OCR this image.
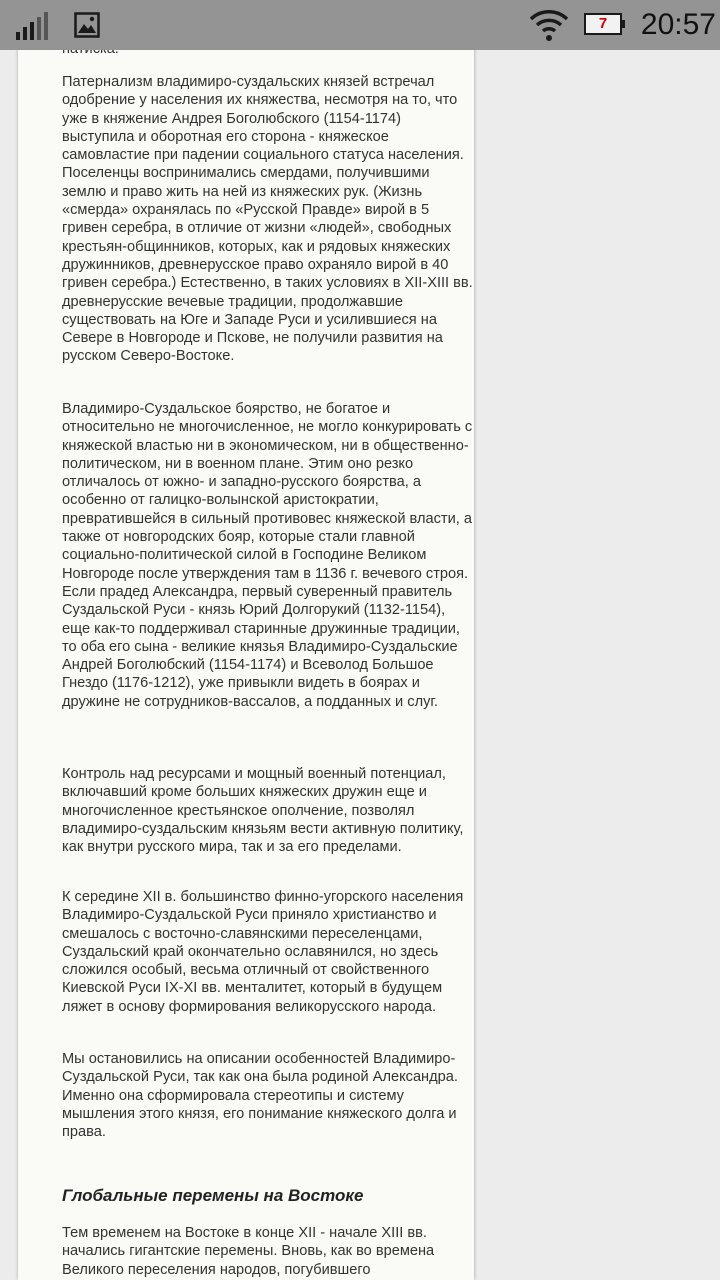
7	20:57

Патернализм владимиро-суздальских князей встречал одобрение у населения их княжества, несмотря на то, что уже в княжение Андрея Боголюбского (1154-1174) выступила и оборотная его сторона - княжеское самовластие при падении социального статуса населения. Поселенцы воспринимались смердами, получившими землю и право жить на ней из княжеских рук. (Жизнь «смерда» охранялась по «Русской Правде» вирой в 5 гривен серебра, в отличие от жизни «людей», свободных крестьян-общинников, которых, как и рядовых княжеских дружинников, древнерусское право охраняло вирой в 40 гривен серебра.) Естественно, в таких условиях в XII-XIII вв. древнерусские вечевые традиции, продолжавшие существовать на Юге и Западе Руси и усилившиеся на Севере в Новгороде и Пскове, не получили развития на русском Северо-Востоке.

Владимиро-Суздальское боярство, не богатое и относительно не многочисленное, не могло конкурировать с княжеской властью ни в экономическом, ни в общественно-политическом, ни в военном плане. Этим оно резко отличалось от южно- и западно-русского боярства, а особенно от галицко-волынской аристократии, превратившейся в сильный противовес княжеской власти, а также от новгородских бояр, которые стали главной социально-политической силой в Господине Великом Новгороде после утверждения там в 1136 г. вечевого строя. Если прадед Александра, первый суверенный правитель Суздальской Руси - князь Юрий Долгорукий (1132-1154), еще как-то поддерживал старинные дружинные традиции, то оба его сына - великие князья Владимиро-Суздальские Андрей Боголюбский (1154-1174) и Всеволод Большое Гнездо (1176-1212), уже привыкли видеть в боярах и дружине не сотрудников-вассалов, а подданных и слуг.

Контроль над ресурсами и мощный военный потенциал, включавший кроме больших княжеских дружин еще и многочисленное крестьянское ополчение, позволял владимиро-суздальским князьям вести активную политику, как внутри русского мира, так и за его пределами.

К середине XII в. большинство финно-угорского населения Владимиро-Суздальской Руси приняло христианство и смешалось с восточно-славянскими переселенцами, Суздальский край окончательно ославянился, но здесь сложился особый, весьма отличный от свойственного Киевской Руси IX-XI вв. менталитет, который в будущем ляжет в основу формирования великорусского народа.

Мы остановились на описании особенностей Владимиро-Суздальской Руси, так как она была родиной Александра. Именно она сформировала стереотипы и систему мышления этого князя, его понимание княжеского долга и права.

Глобальные перемены на Востоке

Тем временем на Востоке в конце XII - начале XIII вв. начались гигантские перемены. Вновь, как во времена Великого переселения народов, погубившего
